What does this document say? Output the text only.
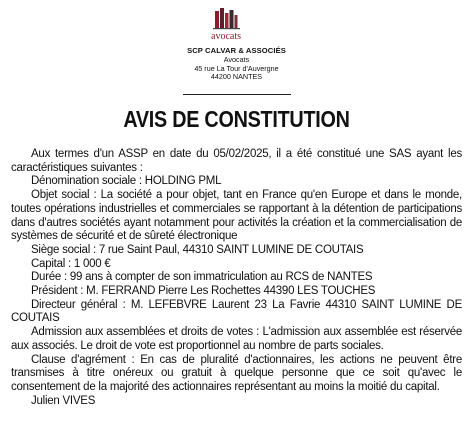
avocats
SCP CALVAR & ASSOCIÉS
Avocats
45 rue La Tour d'Auvergne
44200 NANTES
AVIS DE CONSTITUTION

Aux termes d'un ASSP en date du 05/02/2025, il a été constitué une SAS ayant les caractéristiques suivantes :

Dénomination sociale : HOLDING PML

Objet social : La société a pour objet, tant en France qu'en Europe et dans le monde, toutes opérations industrielles et commerciales se rapportant à la détention de participations dans d'autres sociétés ayant notamment pour activités la création et la commercialisation de systèmes de sécurité et de sûreté électronique

Siège social : 7 rue Saint Paul, 44310 SAINT LUMINE DE COUTAIS

Capital : 1 000 €

Durée : 99 ans à compter de son immatriculation au RCS de NANTES

Président : M. FERRAND Pierre Les Rochettes 44390 LES TOUCHES

Directeur général : M. LEFEBVRE Laurent 23 La Favrie 44310 SAINT LUMINE DE COUTAIS

Admission aux assemblées et droits de votes : L'admission aux assemblée est réservée aux associés. Le droit de vote est proportionnel au nombre de parts sociales.

Clause d'agrément : En cas de pluralité d'actionnaires, les actions ne peuvent être transmises à titre onéreux ou gratuit à quelque personne que ce soit qu'avec le consentement de la majorité des actionnaires représentant au moins la moitié du capital.

Julien VIVES
